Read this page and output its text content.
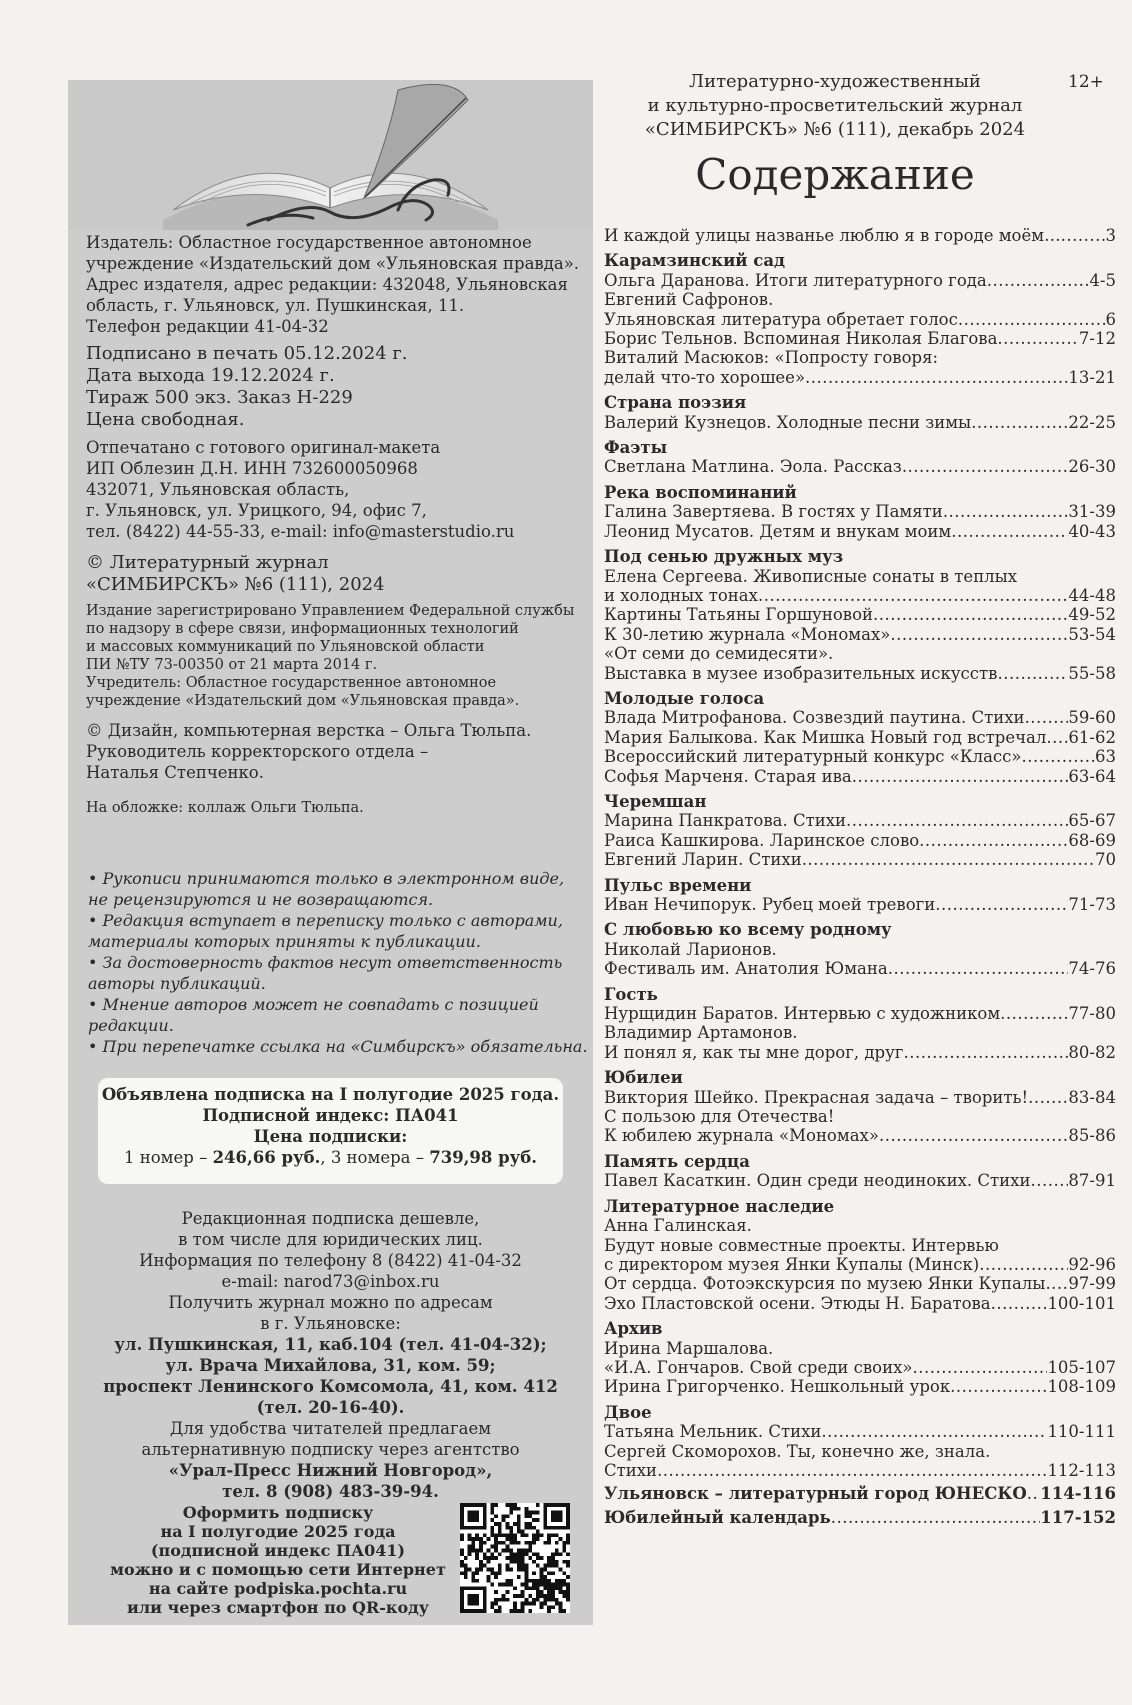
Издатель: Областное государственное автономное

учреждение «Издательский дом «Ульяновская правда».

Адрес издателя, адрес редакции: 432048, Ульяновская

область, г. Ульяновск, ул. Пушкинская, 11.

Телефон редакции 41-04-32

Подписано в печать 05.12.2024 г.

Дата выхода 19.12.2024 г.

Тираж 500 экз. Заказ Н-229

Цена свободная.

Отпечатано с готового оригинал-макета

ИП Облезин Д.Н. ИНН 732600050968

432071, Ульяновская область,

г. Ульяновск, ул. Урицкого, 94, офис 7,

тел. (8422) 44-55-33, e-mail: info@masterstudio.ru

© Литературный журнал

«СИМБИРСКЪ» №6 (111), 2024

Издание зарегистрировано Управлением Федеральной службы

по надзору в сфере связи, информационных технологий

и массовых коммуникаций по Ульяновской области

ПИ №ТУ 73-00350 от 21 марта 2014 г.

Учредитель: Областное государственное автономное

учреждение «Издательский дом «Ульяновская правда».

© Дизайн, компьютерная верстка – Ольга Тюльпа.

Руководитель корректорского отдела –

Наталья Степченко.

На обложке: коллаж Ольги Тюльпа.

• Рукописи принимаются только в электронном виде,

не рецензируются и не возвращаются.

• Редакция вступает в переписку только с авторами,

материалы которых приняты к публикации.

• За достоверность фактов несут ответственность

авторы публикаций.

• Мнение авторов может не совпадать с позицией

редакции.

• При перепечатке ссылка на «Симбирскъ» обязательна.

Объявлена подписка на I полугодие 2025 года.
Подписной индекс: ПА041
Цена подписки:
1 номер – 246,66 руб., 3 номера – 739,98 руб.

Редакционная подписка дешевле,

в том числе для юридических лиц.

Информация по телефону 8 (8422) 41-04-32

e-mail: narod73@inbox.ru

Получить журнал можно по адресам

в г. Ульяновске:

ул. Пушкинская, 11, каб.104 (тел. 41-04-32);

ул. Врача Михайлова, 31, ком. 59;

проспект Ленинского Комсомола, 41, ком. 412

(тел. 20-16-40).

Для удобства читателей предлагаем

альтернативную подписку через агентство

«Урал-Пресс Нижний Новгород»,

тел. 8 (908) 483-39-94.

Оформить подписку

на I полугодие 2025 года

(подписной индекс ПА041)

можно и с помощью сети Интернет

на сайте podpiska.pochta.ru

или через смартфон по QR-коду

12+

Литературно-художественный

и культурно-просветительский журнал

«СИМБИРСКЪ» №6 (111), декабрь 2024

Содержание
И каждой улицы названье люблю я в городе моём… .....	3
Карамзинский сад
Ольга Даранова. Итоги литературного года .....	4-5
Евгений Сафронов.
Ульяновская литература обретает голос .....	6
Борис Тельнов. Вспоминая Николая Благова .....	7-12
Виталий Масюков: «Попросту говоря:
делай что-то хорошее» .....	13-21
Страна поэзия
Валерий Кузнецов. Холодные песни зимы .....	22-25
Фаэты
Светлана Матлина. Эола. Рассказ .....	26-30
Река воспоминаний
Галина Завертяева. В гостях у Памяти .....	31-39
Леонид Мусатов. Детям и внукам моим .....	40-43
Под сенью дружных муз
Елена Сергеева. Живописные сонаты в теплых
и холодных тонах .....	44-48
Картины Татьяны Горшуновой .....	49-52
К 30-летию журнала «Мономах» .....	53-54
«От семи до семидесяти».
Выставка в музее изобразительных искусств .....	55-58
Молодые голоса
Влада Митрофанова. Созвездий паутина. Стихи .....	59-60
Мария Балыкова. Как Мишка Новый год встречал ..... 61-62
Всероссийский литературный конкурс «Класс» .....	63
Софья Марченя. Старая ива .....	63-64
Черемшан
Марина Панкратова. Стихи .....	65-67
Раиса Кашкирова. Ларинское слово .....	68-69
Евгений Ларин. Стихи .....	70
Пульс времени
Иван Нечипорук. Рубец моей тревоги .....	71-73
С любовью ко всему родному
Николай Ларионов.
Фестиваль им. Анатолия Юмана .....	74-76
Гость
Нурщидин Баратов. Интервью с художником .....	77-80
Владимир Артамонов.
И понял я, как ты мне дорог, друг .....	80-82
Юбилеи
Виктория Шейко. Прекрасная задача – творить! ..... 83-84
С пользою для Отечества!
К юбилею журнала «Мономах» .....	85-86
Память сердца
Павел Касаткин. Один среди неодиноких. Стихи ..... 87-91
Литературное наследие
Анна Галинская.
Будут новые совместные проекты. Интервью
с директором музея Янки Купалы (Минск) .....	92-96
От сердца. Фотоэкскурсия по музею Янки Купалы ..... 97-99
Эхо Пластовской осени. Этюды Н. Баратова .....	100-101
Архив
Ирина Маршалова.
«И.А. Гончаров. Свой среди своих» .....	105-107
Ирина Григорченко. Нешкольный урок .....	108-109
Двое
Татьяна Мельник. Стихи .....	110-111
Сергей Скоморохов. Ты, конечно же, знала.
Стихи .....	112-113
Ульяновск – литературный город ЮНЕСКО ..... 114-116
Юбилейный календарь .....	117-152
